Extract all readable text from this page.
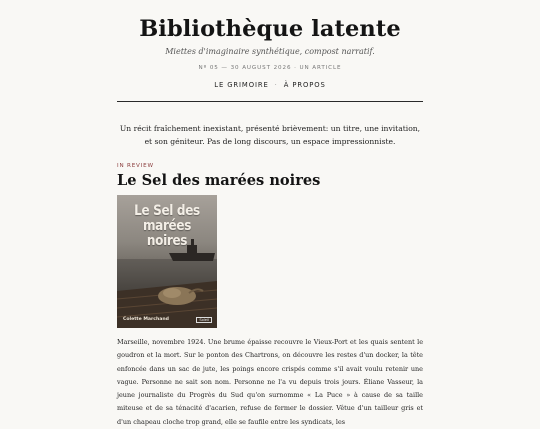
Bibliothèque latente
Miettes d'imaginaire synthétique, compost narratif.
Nº 05 — 30 AUGUST 2026 · UN ARTICLE
LE GRIMOIRE · À PROPOS
Un récit fraîchement inexistant, présenté brièvement: un titre, une invitation, et son géniteur. Pas de long discours, un espace impressionniste.
IN REVIEW
Le Sel des marées noires
Le Sel des
marées noires
Colette Marchand	Soleil
Marseille, novembre 1924. Une brume épaisse recouvre le Vieux-Port et les quais sentent le goudron et la mort. Sur le ponton des Chartrons, on découvre les restes d'un docker, la tête enfoncée dans un sac de jute, les poings encore crispés comme s'il avait voulu retenir une vague. Personne ne sait son nom. Personne ne l'a vu depuis trois jours. Éliane Vasseur, la jeune journaliste du Progrès du Sud qu'on surnomme « La Puce » à cause de sa taille miteuse et de sa ténacité d'acarien, refuse de fermer le dossier. Vêtue d'un tailleur gris et d'un chapeau cloche trop grand, elle se faufile entre les syndicats, les
